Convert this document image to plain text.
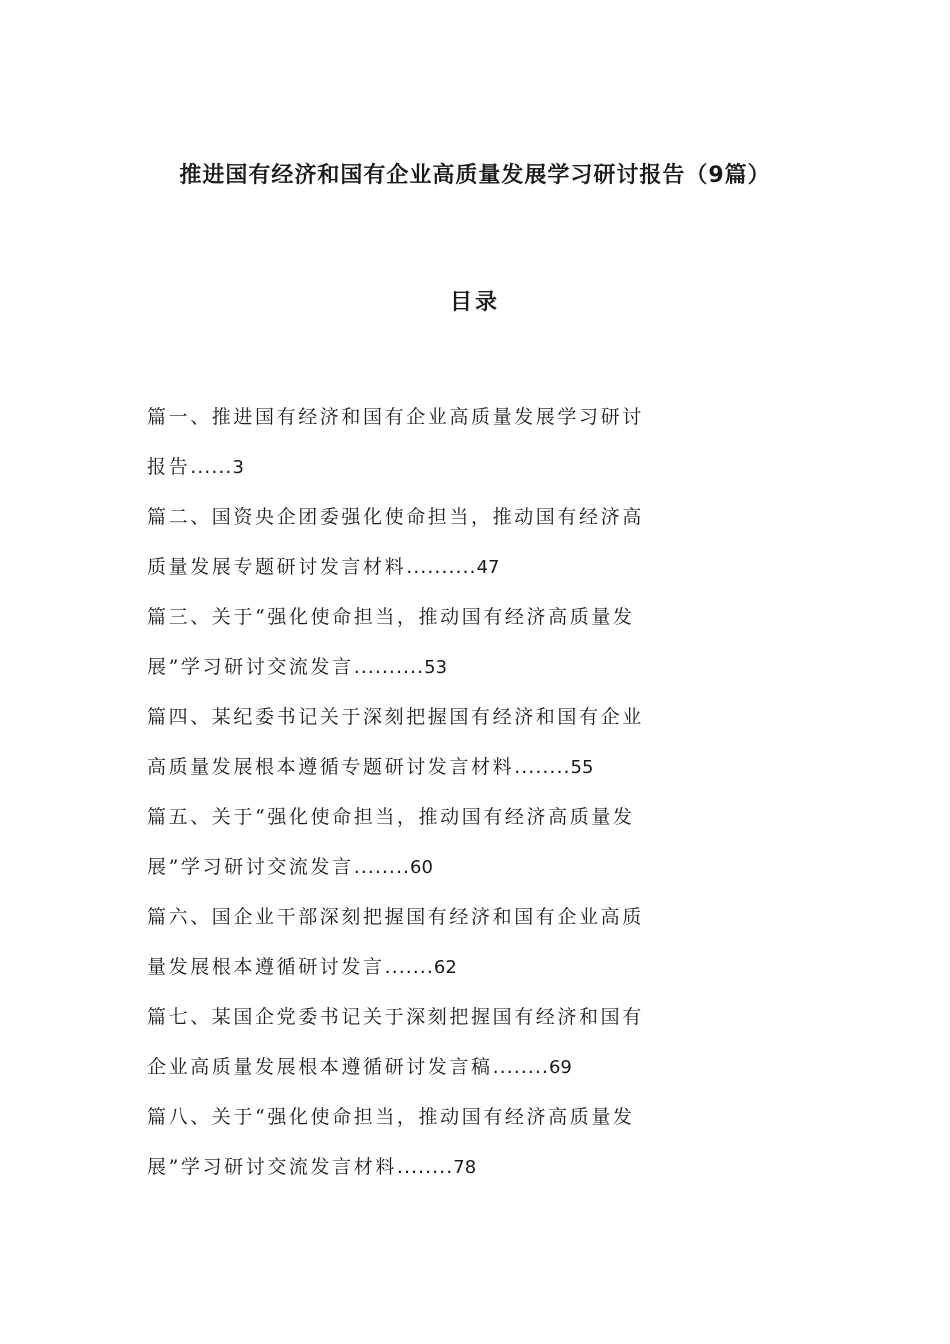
推进国有经济和国有企业高质量发展学习研讨报告（9篇）
目录
篇一、推进国有经济和国有企业高质量发展学习研讨
报告......3
篇二、国资央企团委强化使命担当，推动国有经济高
质量发展专题研讨发言材料..........47
篇三、关于“强化使命担当，推动国有经济高质量发
展”学习研讨交流发言..........53
篇四、某纪委书记关于深刻把握国有经济和国有企业
高质量发展根本遵循专题研讨发言材料........55
篇五、关于“强化使命担当，推动国有经济高质量发
展”学习研讨交流发言........60
篇六、国企业干部深刻把握国有经济和国有企业高质
量发展根本遵循研讨发言.......62
篇七、某国企党委书记关于深刻把握国有经济和国有
企业高质量发展根本遵循研讨发言稿........69
篇八、关于“强化使命担当，推动国有经济高质量发
展”学习研讨交流发言材料........78
